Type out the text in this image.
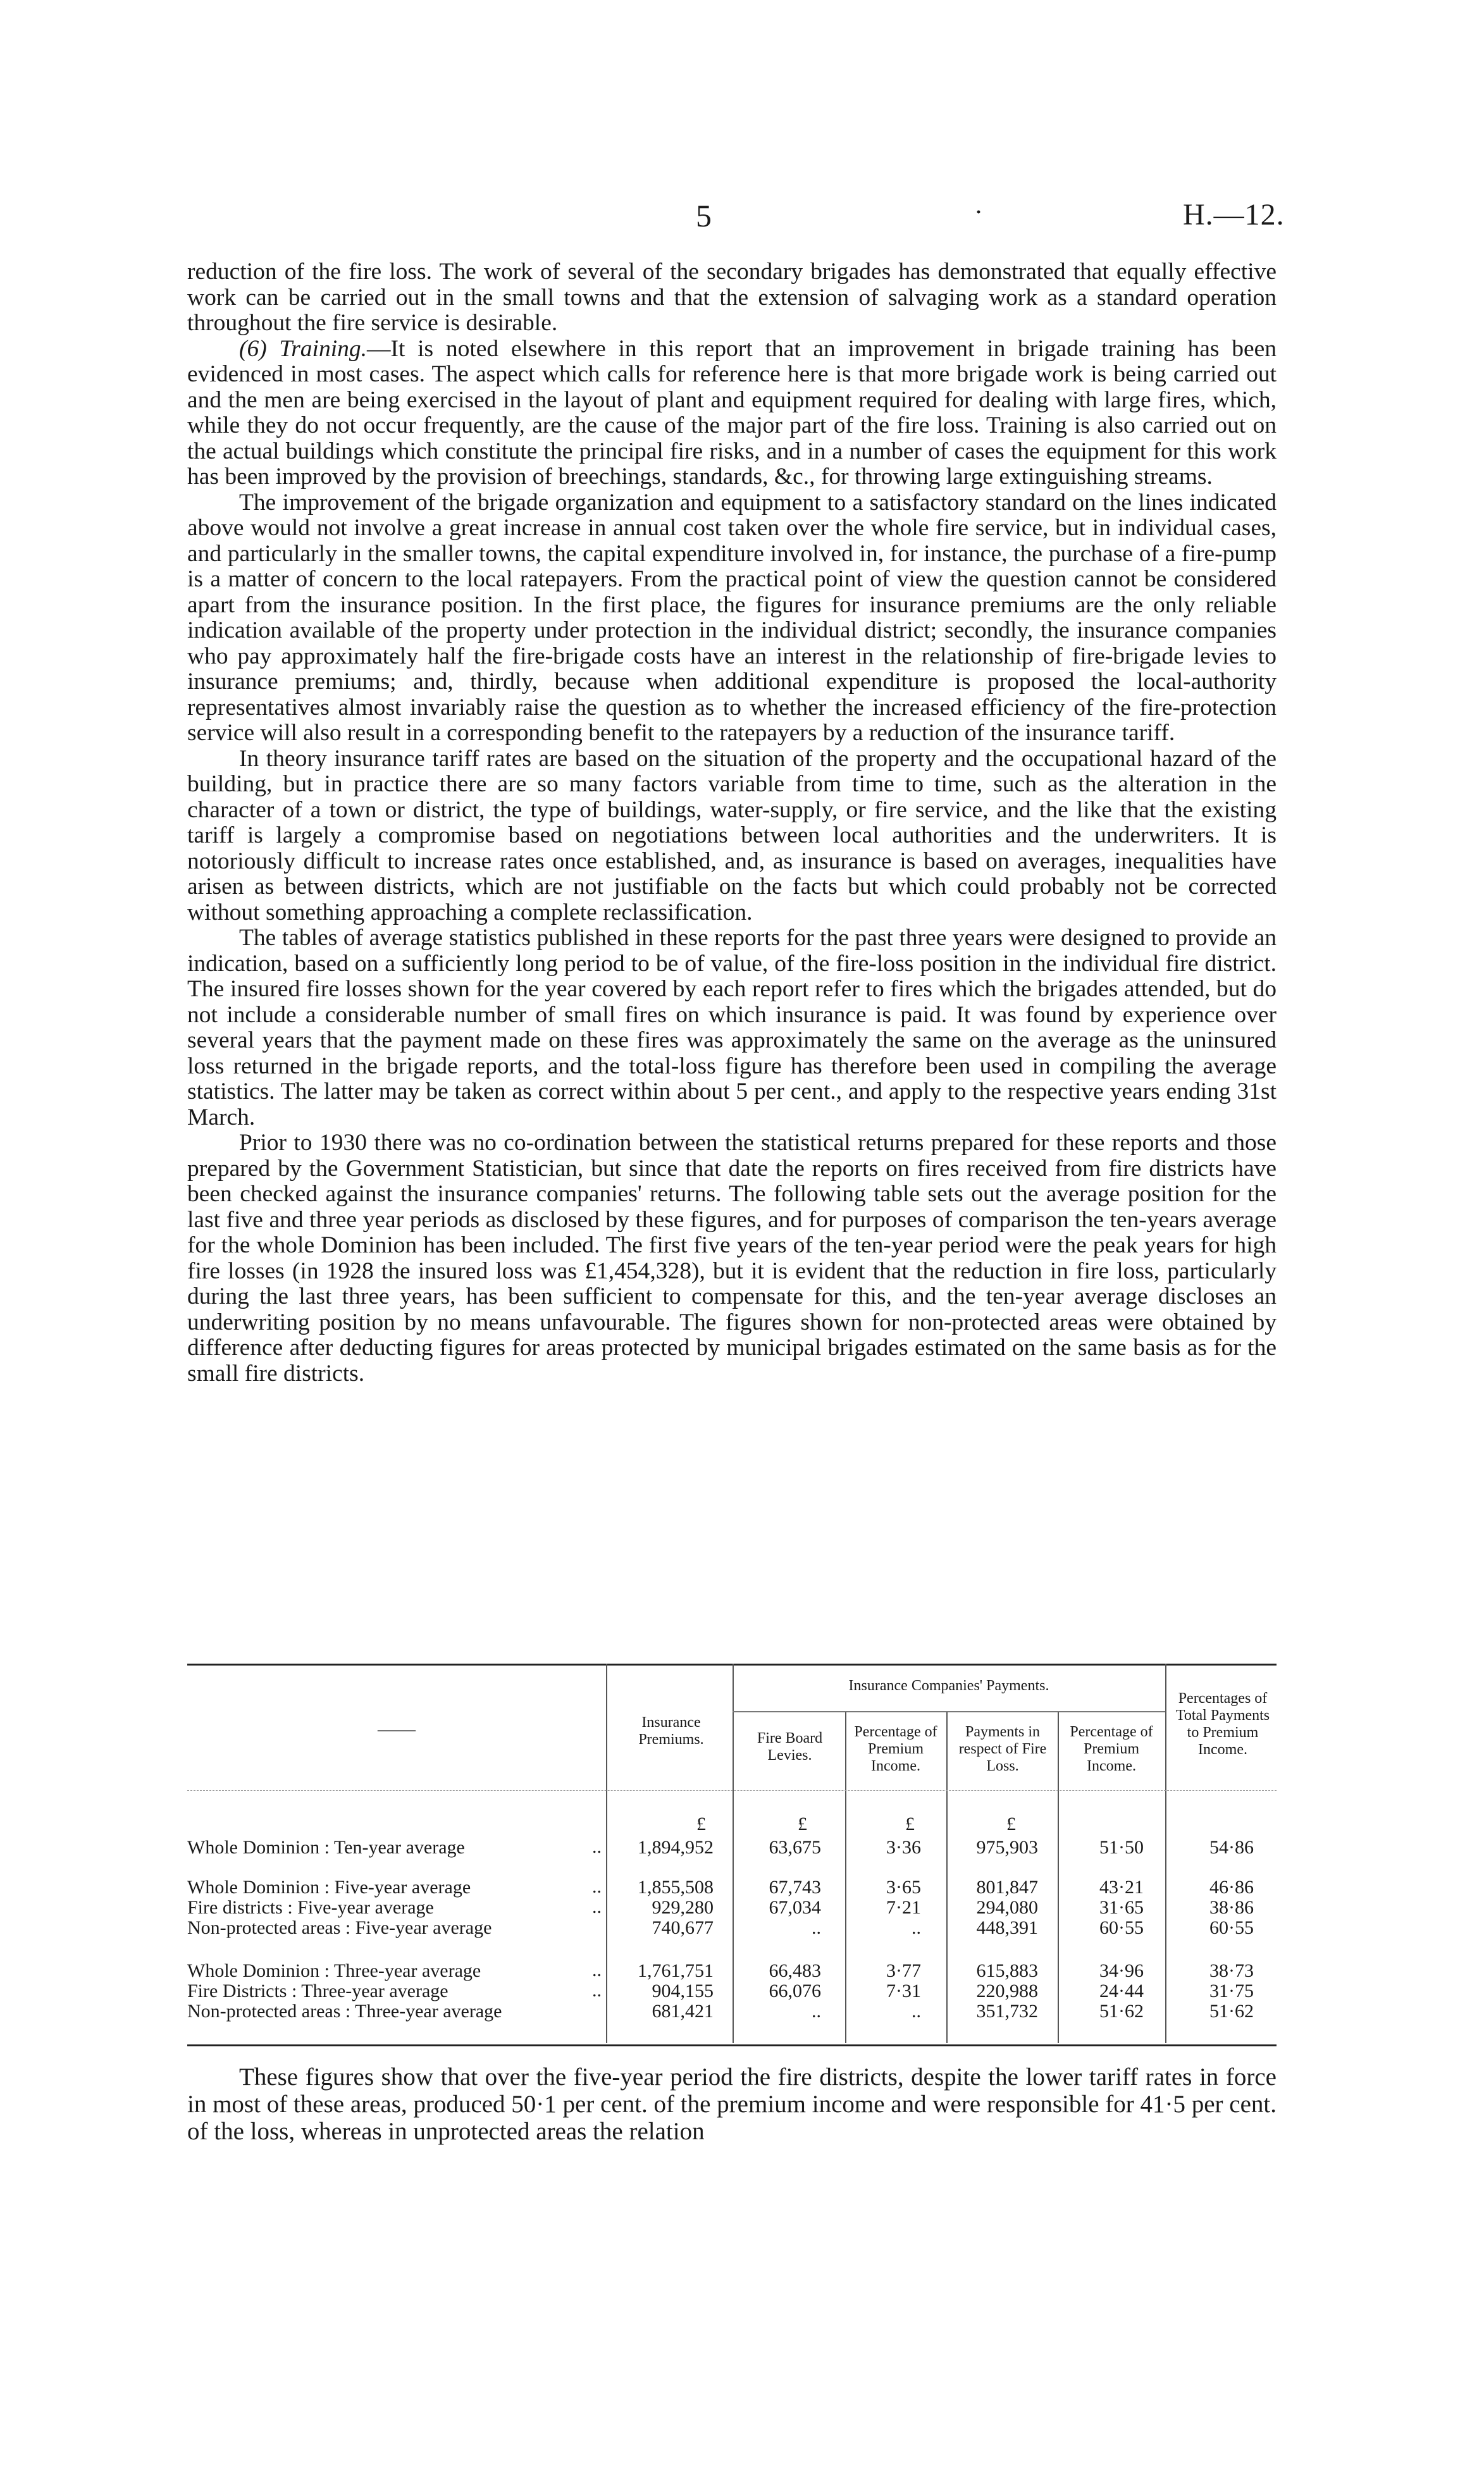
5	·	H.—12.

reduction of the fire loss. The work of several of the secondary brigades has demonstrated that equally effective work can be carried out in the small towns and that the extension of salvaging work as a standard operation throughout the fire service is desirable.

(6) Training.—It is noted elsewhere in this report that an improvement in brigade training has been evidenced in most cases. The aspect which calls for reference here is that more brigade work is being carried out and the men are being exercised in the layout of plant and equipment required for dealing with large fires, which, while they do not occur frequently, are the cause of the major part of the fire loss. Training is also carried out on the actual buildings which constitute the principal fire risks, and in a number of cases the equipment for this work has been improved by the provision of breechings, standards, &c., for throwing large extinguishing streams.

The improvement of the brigade organization and equipment to a satisfactory standard on the lines indicated above would not involve a great increase in annual cost taken over the whole fire service, but in individual cases, and particularly in the smaller towns, the capital expenditure involved in, for instance, the purchase of a fire-pump is a matter of concern to the local ratepayers. From the practical point of view the question cannot be considered apart from the insurance position. In the first place, the figures for insurance premiums are the only reliable indication available of the property under protection in the individual district; secondly, the insurance companies who pay approximately half the fire-brigade costs have an interest in the relationship of fire-brigade levies to insurance premiums; and, thirdly, because when additional expenditure is proposed the local-authority representatives almost invariably raise the question as to whether the increased efficiency of the fire-protection service will also result in a corresponding benefit to the ratepayers by a reduction of the insurance tariff.

In theory insurance tariff rates are based on the situation of the property and the occupational hazard of the building, but in practice there are so many factors variable from time to time, such as the alteration in the character of a town or district, the type of buildings, water-supply, or fire service, and the like that the existing tariff is largely a compromise based on negotiations between local authorities and the underwriters. It is notoriously difficult to increase rates once established, and, as insurance is based on averages, inequalities have arisen as between districts, which are not justifiable on the facts but which could probably not be corrected without something approaching a complete reclassification.

The tables of average statistics published in these reports for the past three years were designed to provide an indication, based on a sufficiently long period to be of value, of the fire-loss position in the individual fire district. The insured fire losses shown for the year covered by each report refer to fires which the brigades attended, but do not include a considerable number of small fires on which insurance is paid. It was found by experience over several years that the payment made on these fires was approximately the same on the average as the uninsured loss returned in the brigade reports, and the total-loss figure has therefore been used in compiling the average statistics. The latter may be taken as correct within about 5 per cent., and apply to the respective years ending 31st March.

Prior to 1930 there was no co-ordination between the statistical returns prepared for these reports and those prepared by the Government Statistician, but since that date the reports on fires received from fire districts have been checked against the insurance companies' returns. The following table sets out the average position for the last five and three year periods as disclosed by these figures, and for purposes of comparison the ten-years average for the whole Dominion has been included. The first five years of the ten-year period were the peak years for high fire losses (in 1928 the insured loss was £1,454,328), but it is evident that the reduction in fire loss, particularly during the last three years, has been sufficient to compensate for this, and the ten-year average discloses an underwriting position by no means unfavourable. The figures shown for non-protected areas were obtained by difference after deducting figures for areas protected by municipal brigades estimated on the same basis as for the small fire districts.

——	Insurance Premiums.
Insurance Companies' Payments.
Fire Board Levies.
Percentage of Premium Income.
Payments in respect of Fire Loss.
Percentage of Premium Income.
Percentages of Total Payments to Premium Income.
£	£	£	£
Whole Dominion : Ten-year average	..	1,894,952	63,675	3·36	975,903	51·50	54·86
Whole Dominion : Five-year average	..	1,855,508	67,743	3·65	801,847	43·21	46·86
Fire districts : Five-year average	..	929,280	67,034	7·21	294,080	31·65	38·86
Non-protected areas : Five-year average	740,677	..	..	448,391	60·55	60·55
Whole Dominion : Three-year average	..	1,761,751	66,483	3·77	615,883	34·96	38·73
Fire Districts : Three-year average	..	904,155	66,076	7·31	220,988	24·44	31·75
Non-protected areas : Three-year average	681,421	..	..	351,732	51·62	51·62
These figures show that over the five-year period the fire districts, despite the lower tariff rates in force in most of these areas, produced 50·1 per cent. of the premium income and were responsible for 41·5 per cent. of the loss, whereas in unprotected areas the relation
